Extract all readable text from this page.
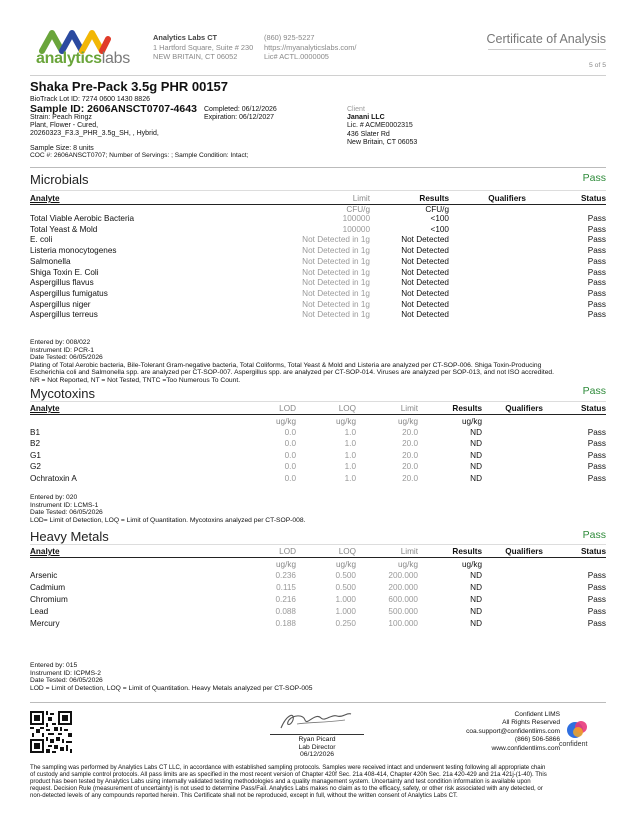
analyticslabs
Analytics Labs CT
1 Hartford Square, Suite # 230
NEW BRITAIN, CT 06052
(860) 925-5227
https://myanalyticslabs.com/
Lic# ACTL.0000005
Certificate of Analysis
5 of 5
Shaka Pre-Pack 3.5g PHR 00157
BioTrack Lot ID: 7274 0600 1430 8826
Sample ID: 2606ANSCT0707-4643
Strain: Peach Ringz
Plant, Flower - Cured,
20260323_F3.3_PHR_3.5g_SH, , Hybrid,
Completed: 06/12/2026
Expiration: 06/12/2027
Sample Size: 8 units
COC #: 2606ANSCT0707; Number of Servings: ; Sample Condition: Intact;
Client
Janani LLC
Lic. # ACME0002315
436 Slater Rd
New Britain, CT 06053
Microbials	Pass
Analyte	Limit	Results	Qualifiers	Status
CFU/g	CFU/g
Total Viable Aerobic Bacteria	100000	<100	Pass
Total Yeast & Mold	100000	<100	Pass
E. coli	Not Detected in 1g	Not Detected	Pass
Listeria monocytogenes	Not Detected in 1g	Not Detected	Pass
Salmonella	Not Detected in 1g	Not Detected	Pass
Shiga Toxin E. Coli	Not Detected in 1g	Not Detected	Pass
Aspergillus flavus	Not Detected in 1g	Not Detected	Pass
Aspergillus fumigatus	Not Detected in 1g	Not Detected	Pass
Aspergillus niger	Not Detected in 1g	Not Detected	Pass
Aspergillus terreus	Not Detected in 1g	Not Detected	Pass
Entered by: 008/022
Instrument ID: PCR-1
Date Tested: 06/05/2026
Plating of Total Aerobic bacteria, Bile-Tolerant Gram-negative bacteria, Total Coliforms, Total Yeast & Mold and Listeria are analyzed per CT-SOP-006. Shiga Toxin-Producing
Escherichia coli and Salmonella spp. are analyzed per CT-SOP-007. Aspergillus spp. are analyzed per CT-SOP-014. Viruses are analyzed per SOP-013, and not ISO accredited.
NR = Not Reported, NT = Not Tested, TNTC =Too Numerous To Count.
Mycotoxins	Pass
Analyte	LOD	LOQ	Limit	Results	Qualifiers	Status
ug/kg	ug/kg	ug/kg	ug/kg
B1	0.0	1.0	20.0	ND	Pass
B2	0.0	1.0	20.0	ND	Pass
G1	0.0	1.0	20.0	ND	Pass
G2	0.0	1.0	20.0	ND	Pass
Ochratoxin A	0.0	1.0	20.0	ND	Pass
Entered by: 020
Instrument ID: LCMS-1
Date Tested: 06/05/2026
LOD= Limit of Detection, LOQ = Limit of Quantitation. Mycotoxins analyzed per CT-SOP-008.
Heavy Metals	Pass
Analyte	LOD	LOQ	Limit	Results	Qualifiers	Status
ug/kg	ug/kg	ug/kg	ug/kg
Arsenic	0.236	0.500	200.000	ND	Pass
Cadmium	0.115	0.500	200.000	ND	Pass
Chromium	0.216	1.000	600.000	ND	Pass
Lead	0.088	1.000	500.000	ND	Pass
Mercury	0.188	0.250	100.000	ND	Pass
Entered by: 015
Instrument ID: ICPMS-2
Date Tested: 06/05/2026
LOD = Limit of Detection, LOQ = Limit of Quantitation. Heavy Metals analyzed per CT-SOP-005
Ryan Picard
Lab Director
06/12/2026
Confident LIMS
All Rights Reserved
coa.support@confidentlims.com
(866) 506-5866
www.confidentlims.com
confident
The sampling was performed by Analytics Labs CT LLC, in accordance with established sampling protocols. Samples were received intact and underwent testing following all appropriate chain
of custody and sample control protocols. All pass limits are as specified in the most recent version of Chapter 420f Sec. 21a 408-414, Chapter 420h Sec. 21a 420-429 and 21a 421j-(1-40). This
product has been tested by Analytics Labs using internally validated testing methodologies and a quality management system. Uncertainty and test condition information is available upon
request. Decision Rule (measurement of uncertainty) is not used to determine Pass/Fail. Analytics Labs makes no claim as to the efficacy, safety, or other risk associated with any detected, or
non-detected levels of any compounds reported herein. This Certificate shall not be reproduced, except in full, without the written consent of Analytics Labs CT.
